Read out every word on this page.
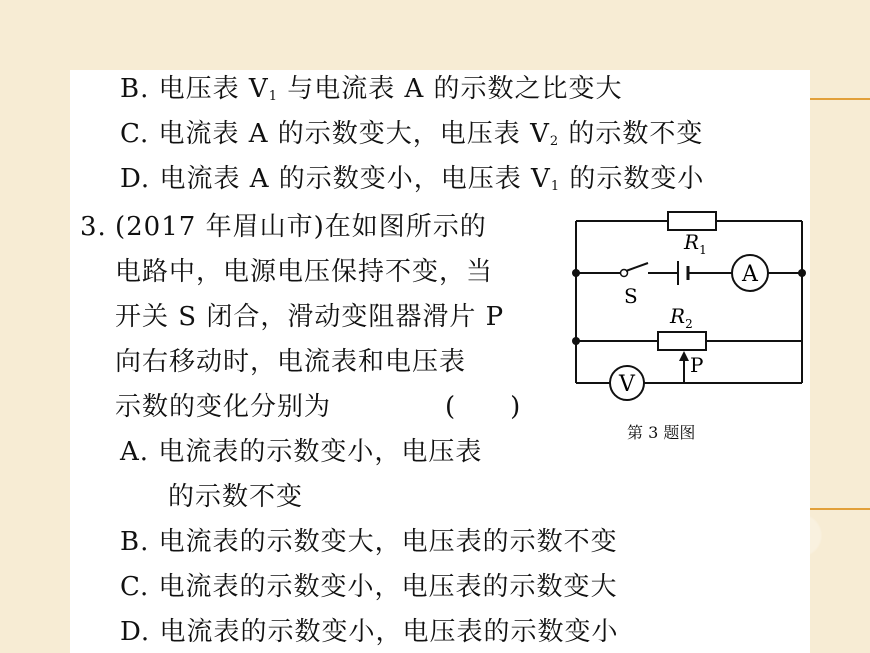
B. 电压表 $V_1$ 与电流表 A 的示数之比变大
C. 电流表 A 的示数变大，电压表 $V_2$ 的示数不变
D. 电流表 A 的示数变小，电压表 $V_1$ 的示数变小
3. (2017 年眉山市)在如图所示的
电路中，电源电压保持不变，当
开关 S 闭合，滑动变阻器滑片 P
向右移动时，电流表和电压表
示数的变化分别为	(　　)
A. 电流表的示数变小，电压表
的示数不变
B. 电流表的示数变大，电压表的示数不变
C. 电流表的示数变小，电压表的示数变大
D. 电流表的示数变小，电压表的示数变小
A
V
$R_1$
$R_2$
S
P
第 3 题图
